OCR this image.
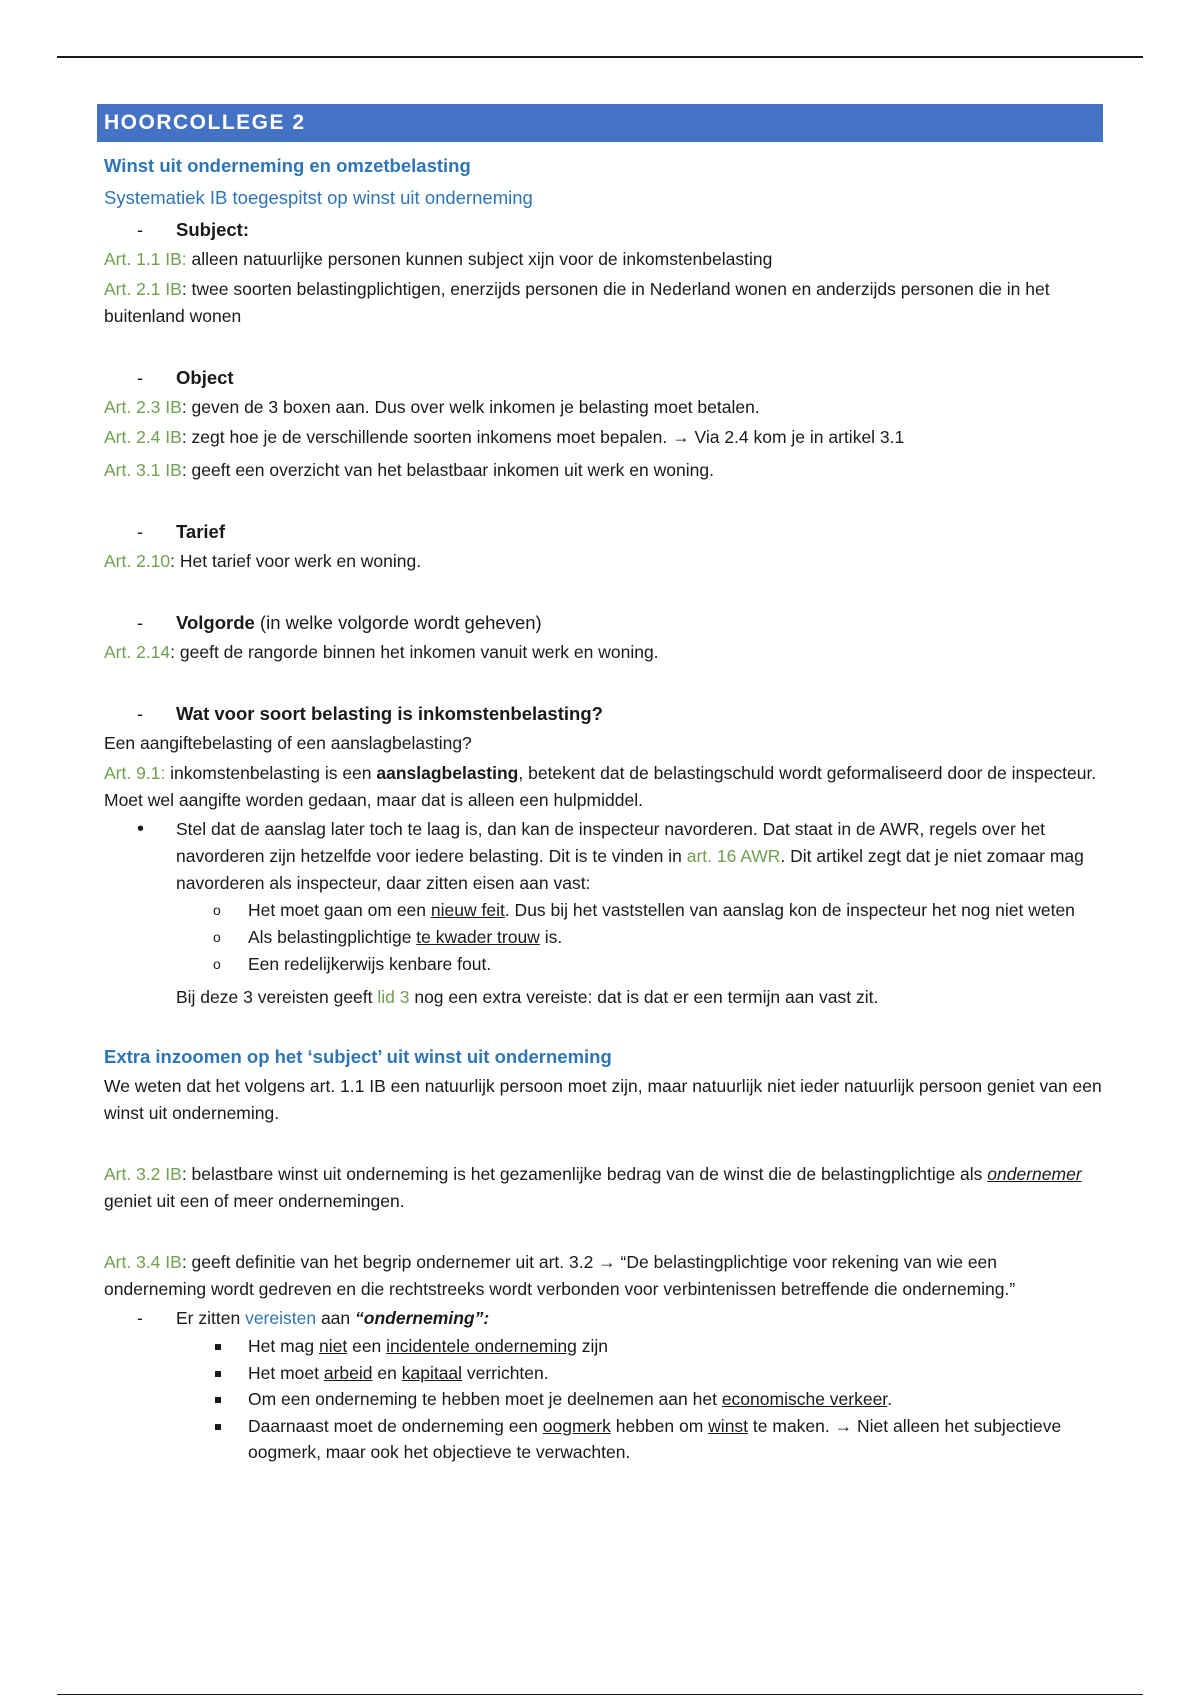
HOORCOLLEGE 2
Winst uit onderneming en omzetbelasting
Systematiek IB toegespitst op winst uit onderneming
- Subject:

Art. 1.1 IB: alleen natuurlijke personen kunnen subject xijn voor de inkomstenbelasting

Art. 2.1 IB: twee soorten belastingplichtigen, enerzijds personen die in Nederland wonen en anderzijds personen die in het buitenland wonen

- Object

Art. 2.3 IB: geven de 3 boxen aan. Dus over welk inkomen je belasting moet betalen.

Art. 2.4 IB: zegt hoe je de verschillende soorten inkomens moet bepalen. → Via 2.4 kom je in artikel 3.1

Art. 3.1 IB: geeft een overzicht van het belastbaar inkomen uit werk en woning.

- Tarief

Art. 2.10: Het tarief voor werk en woning.

- Volgorde (in welke volgorde wordt geheven)

Art. 2.14: geeft de rangorde binnen het inkomen vanuit werk en woning.

- Wat voor soort belasting is inkomstenbelasting?

Een aangiftebelasting of een aanslagbelasting?

Art. 9.1: inkomstenbelasting is een aanslagbelasting, betekent dat de belastingschuld wordt geformaliseerd door de inspecteur. Moet wel aangifte worden gedaan, maar dat is alleen een hulpmiddel.

• Stel dat de aanslag later toch te laag is, dan kan de inspecteur navorderen. Dat staat in de AWR, regels over het navorderen zijn hetzelfde voor iedere belasting. Dit is te vinden in art. 16 AWR. Dit artikel zegt dat je niet zomaar mag navorderen als inspecteur, daar zitten eisen aan vast:
o Het moet gaan om een nieuw feit. Dus bij het vaststellen van aanslag kon de inspecteur het nog niet weten
o Als belastingplichtige te kwader trouw is.
o Een redelijkerwijs kenbare fout.
Bij deze 3 vereisten geeft lid 3 nog een extra vereiste: dat is dat er een termijn aan vast zit.
Extra inzoomen op het ‘subject’ uit winst uit onderneming

We weten dat het volgens art. 1.1 IB een natuurlijk persoon moet zijn, maar natuurlijk niet ieder natuurlijk persoon geniet van een winst uit onderneming.

Art. 3.2 IB: belastbare winst uit onderneming is het gezamenlijke bedrag van de winst die de belastingplichtige als ondernemer geniet uit een of meer ondernemingen.

Art. 3.4 IB: geeft definitie van het begrip ondernemer uit art. 3.2 → “De belastingplichtige voor rekening van wie een onderneming wordt gedreven en die rechtstreeks wordt verbonden voor verbintenissen betreffende die onderneming.”

- Er zitten vereisten aan “onderneming”:
Het mag niet een incidentele onderneming zijn
Het moet arbeid en kapitaal verrichten.
Om een onderneming te hebben moet je deelnemen aan het economische verkeer.
Daarnaast moet de onderneming een oogmerk hebben om winst te maken. → Niet alleen het subjectieve oogmerk, maar ook het objectieve te verwachten.
